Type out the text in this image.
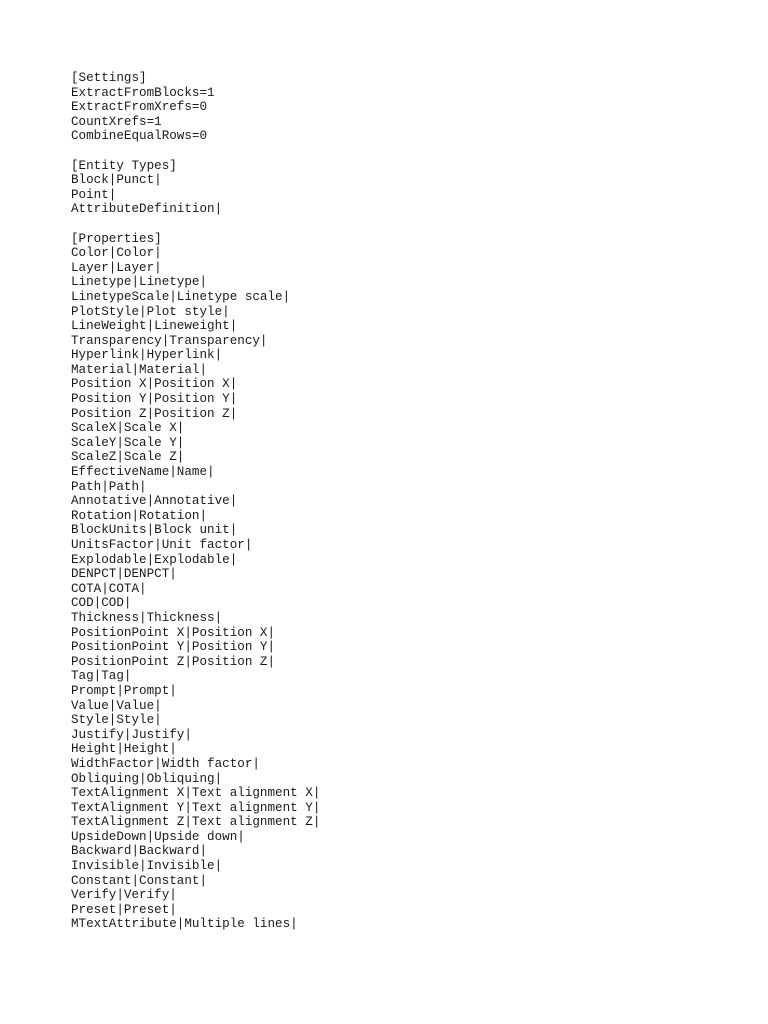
[Settings]
ExtractFromBlocks=1
ExtractFromXrefs=0
CountXrefs=1
CombineEqualRows=0
[Entity Types]
Block|Punct|
Point|
AttributeDefinition|
[Properties]
Color|Color|
Layer|Layer|
Linetype|Linetype|
LinetypeScale|Linetype scale|
PlotStyle|Plot style|
LineWeight|Lineweight|
Transparency|Transparency|
Hyperlink|Hyperlink|
Material|Material|
Position X|Position X|
Position Y|Position Y|
Position Z|Position Z|
ScaleX|Scale X|
ScaleY|Scale Y|
ScaleZ|Scale Z|
EffectiveName|Name|
Path|Path|
Annotative|Annotative|
Rotation|Rotation|
BlockUnits|Block unit|
UnitsFactor|Unit factor|
Explodable|Explodable|
DENPCT|DENPCT|
COTA|COTA|
COD|COD|
Thickness|Thickness|
PositionPoint X|Position X|
PositionPoint Y|Position Y|
PositionPoint Z|Position Z|
Tag|Tag|
Prompt|Prompt|
Value|Value|
Style|Style|
Justify|Justify|
Height|Height|
WidthFactor|Width factor|
Obliquing|Obliquing|
TextAlignment X|Text alignment X|
TextAlignment Y|Text alignment Y|
TextAlignment Z|Text alignment Z|
UpsideDown|Upside down|
Backward|Backward|
Invisible|Invisible|
Constant|Constant|
Verify|Verify|
Preset|Preset|
MTextAttribute|Multiple lines|
